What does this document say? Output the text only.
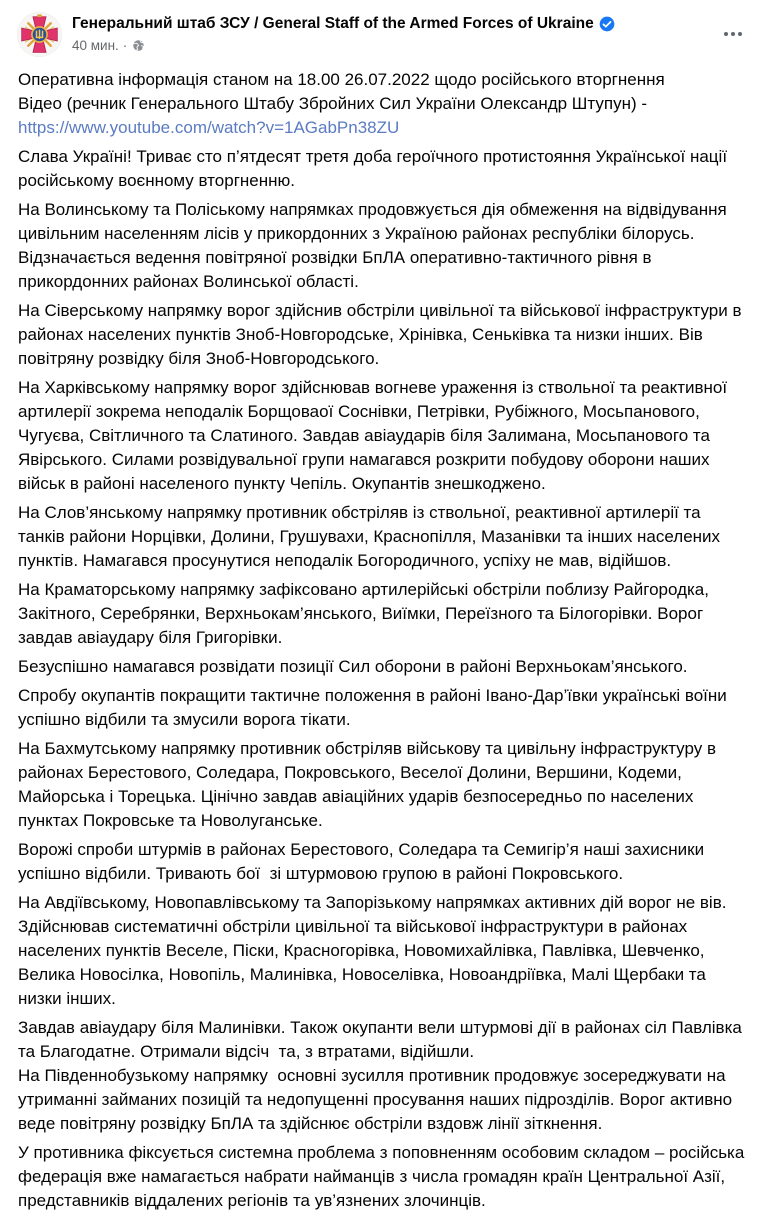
Генеральний штаб ЗСУ / General Staff of the Armed Forces of Ukraine
40 мин. ·

Оперативна інформація станом на 18.00 26.07.2022 щодо російського вторгнення
Відео (речник Генерального Штабу Збройних Сил України Олександр Штупун) -
https://www.youtube.com/watch?v=1AGabPn38ZU

Слава Україні! Триває сто п’ятдесят третя доба героїчного протистояння Української нації російському воєнному вторгненню.

На Волинському та Поліському напрямках продовжується дія обмеження на відвідування цивільним населенням лісів у прикордонних з Україною районах республіки білорусь. Відзначається ведення повітряної розвідки БпЛА оперативно-тактичного рівня в прикордонних районах Волинської області.

На Сіверському напрямку ворог здійснив обстріли цивільної та військової інфраструктури в районах населених пунктів Зноб-Новгородське, Хрінівка, Сеньківка та низки інших. Вів повітряну розвідку біля Зноб-Новгородського.

На Харківському напрямку ворог здійснював вогневе ураження із ствольної та реактивної артилерії зокрема неподалік Борщоваої Соснівки, Петрівки, Рубіжного, Мосьпанового, Чугуєва, Світличного та Слатиного. Завдав авіаударів біля Залимана, Мосьпанового та Явірського. Силами розвідувальної групи намагався розкрити побудову оборони наших військ в районі населеного пункту Чепіль. Окупантів знешкоджено.

На Слов’янському напрямку противник обстріляв із ствольної, реактивної артилерії та танків райони Норцівки, Долини, Грушувахи, Краснопілля, Мазанівки та інших населених пунктів. Намагався просунутися неподалік Богородичного, успіху не мав, відійшов.

На Краматорському напрямку зафіксовано артилерійські обстріли поблизу Райгородка, Закітного, Серебрянки, Верхньокам’янського, Виїмки, Переїзного та Білогорівки. Ворог завдав авіаудару біля Григорівки.

Безуспішно намагався розвідати позиції Сил оборони в районі Верхньокам’янського.

Спробу окупантів покращити тактичне положення в районі Івано-Дар’ївки українські воїни успішно відбили та змусили ворога тікати.

На Бахмутському напрямку противник обстріляв військову та цивільну інфраструктуру в районах Берестового, Соледара, Покровського, Веселої Долини, Вершини, Кодеми, Майорська і Торецька. Цінічно завдав авіаційних ударів безпосередньо по населених пунктах Покровське та Новолуганське.

Ворожі спроби штурмів в районах Берестового, Соледара та Семигір’я наші захисники успішно відбили. Тривають бої  зі штурмовою групою в районі Покровського.

На Авдіївському, Новопавлівському та Запорізькому напрямках активних дій ворог не вів. Здійснював систематичні обстріли цивільної та військової інфраструктури в районах населених пунктів Веселе, Піски, Красногорівка, Новомихайлівка, Павлівка, Шевченко, Велика Новосілка, Новопіль, Малинівка, Новоселівка, Новоандріївка, Малі Щербаки та низки інших.

Завдав авіаудару біля Малинівки. Також окупанти вели штурмові дії в районах сіл Павлівка та Благодатне. Отримали відсіч  та, з втратами, відійшли.
На Південнобузькому напрямку  основні зусилля противник продовжує зосереджувати на утриманні займаних позицій та недопущенні просування наших підрозділів. Ворог активно веде повітряну розвідку БпЛА та здійснює обстріли вздовж лінії зіткнення.

У противника фіксується системна проблема з поповненням особовим складом – російська федерація вже намагається набрати найманців з числа громадян країн Центральної Азії, представників віддалених регіонів та ув’язнених злочинців.
